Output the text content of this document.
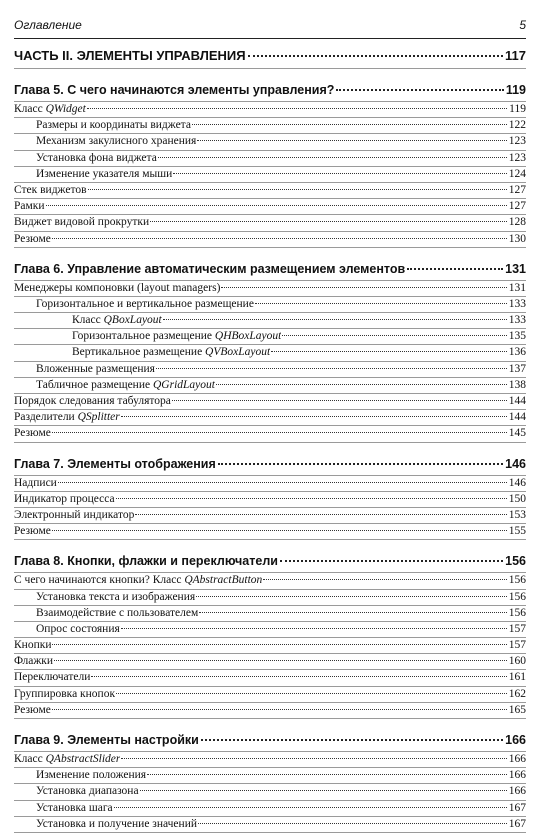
Оглавление	5
ЧАСТЬ II. ЭЛЕМЕНТЫ УПРАВЛЕНИЯ	117
Глава 5. С чего начинаются элементы управления?	119
Класс QWidget	119
Размеры и координаты виджета	122
Механизм закулисного хранения	123
Установка фона виджета	123
Изменение указателя мыши	124
Стек виджетов	127
Рамки	127
Виджет видовой прокрутки	128
Резюме	130
Глава 6. Управление автоматическим размещением элементов	131
Менеджеры компоновки (layout managers)	131
Горизонтальное и вертикальное размещение	133
Класс QBoxLayout	133
Горизонтальное размещение QHBoxLayout	135
Вертикальное размещение QVBoxLayout	136
Вложенные размещения	137
Табличное размещение QGridLayout	138
Порядок следования табулятора	144
Разделители QSplitter	144
Резюме	145
Глава 7. Элементы отображения	146
Надписи	146
Индикатор процесса	150
Электронный индикатор	153
Резюме	155
Глава 8. Кнопки, флажки и переключатели	156
С чего начинаются кнопки? Класс QAbstractButton	156
Установка текста и изображения	156
Взаимодействие с пользователем	156
Опрос состояния	157
Кнопки	157
Флажки	160
Переключатели	161
Группировка кнопок	162
Резюме	165
Глава 9. Элементы настройки	166
Класс QAbstractSlider	166
Изменение положения	166
Установка диапазона	166
Установка шага	167
Установка и получение значений	167
